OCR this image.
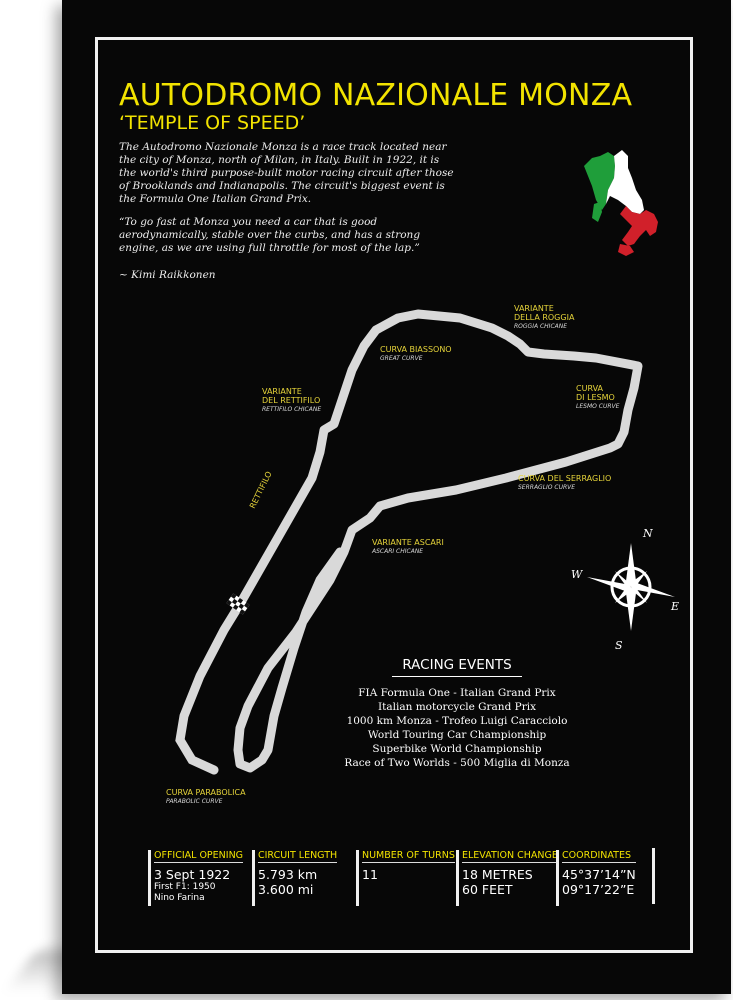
AUTODROMO NAZIONALE MONZA
‘TEMPLE OF SPEED’

The Autodromo Nazionale Monza is a race track located near the city of Monza, north of Milan, in Italy. Built in 1922, it is the world's third purpose-built motor racing circuit after those of Brooklands and Indianapolis. The circuit's biggest event is the Formula One Italian Grand Prix.

“To go fast at Monza you need a car that is good aerodynamically, stable over the curbs, and has a strong engine, as we are using full throttle for most of the lap.”

~ Kimi Raikkonen

N
S
E
W
VARIANTE
DELLA ROGGIA
ROGGIA CHICANE
CURVA BIASSONO
GREAT CURVE
VARIANTE
DEL RETTIFILO
RETTIFILO CHICANE
CURVA
DI LESMO
LESMO CURVE
CURVA DEL SERRAGLIO
SERRAGLIO CURVE
RETTIFILO
VARIANTE ASCARI
ASCARI CHICANE
CURVA PARABOLICA
PARABOLIC CURVE
RACING EVENTS
FIA Formula One - Italian Grand Prix
Italian motorcycle Grand Prix
1000 km Monza - Trofeo Luigi Caracciolo
World Touring Car Championship
Superbike World Championship
Race of Two Worlds - 500 Miglia di Monza
OFFICIAL OPENING
3 Sept 1922
First F1: 1950
Nino Farina
CIRCUIT LENGTH
5.793 km
3.600 mi
NUMBER OF TURNS
11
ELEVATION CHANGE
18 METRES
60 FEET
COORDINATES
45°37’14”N
09°17’22”E
